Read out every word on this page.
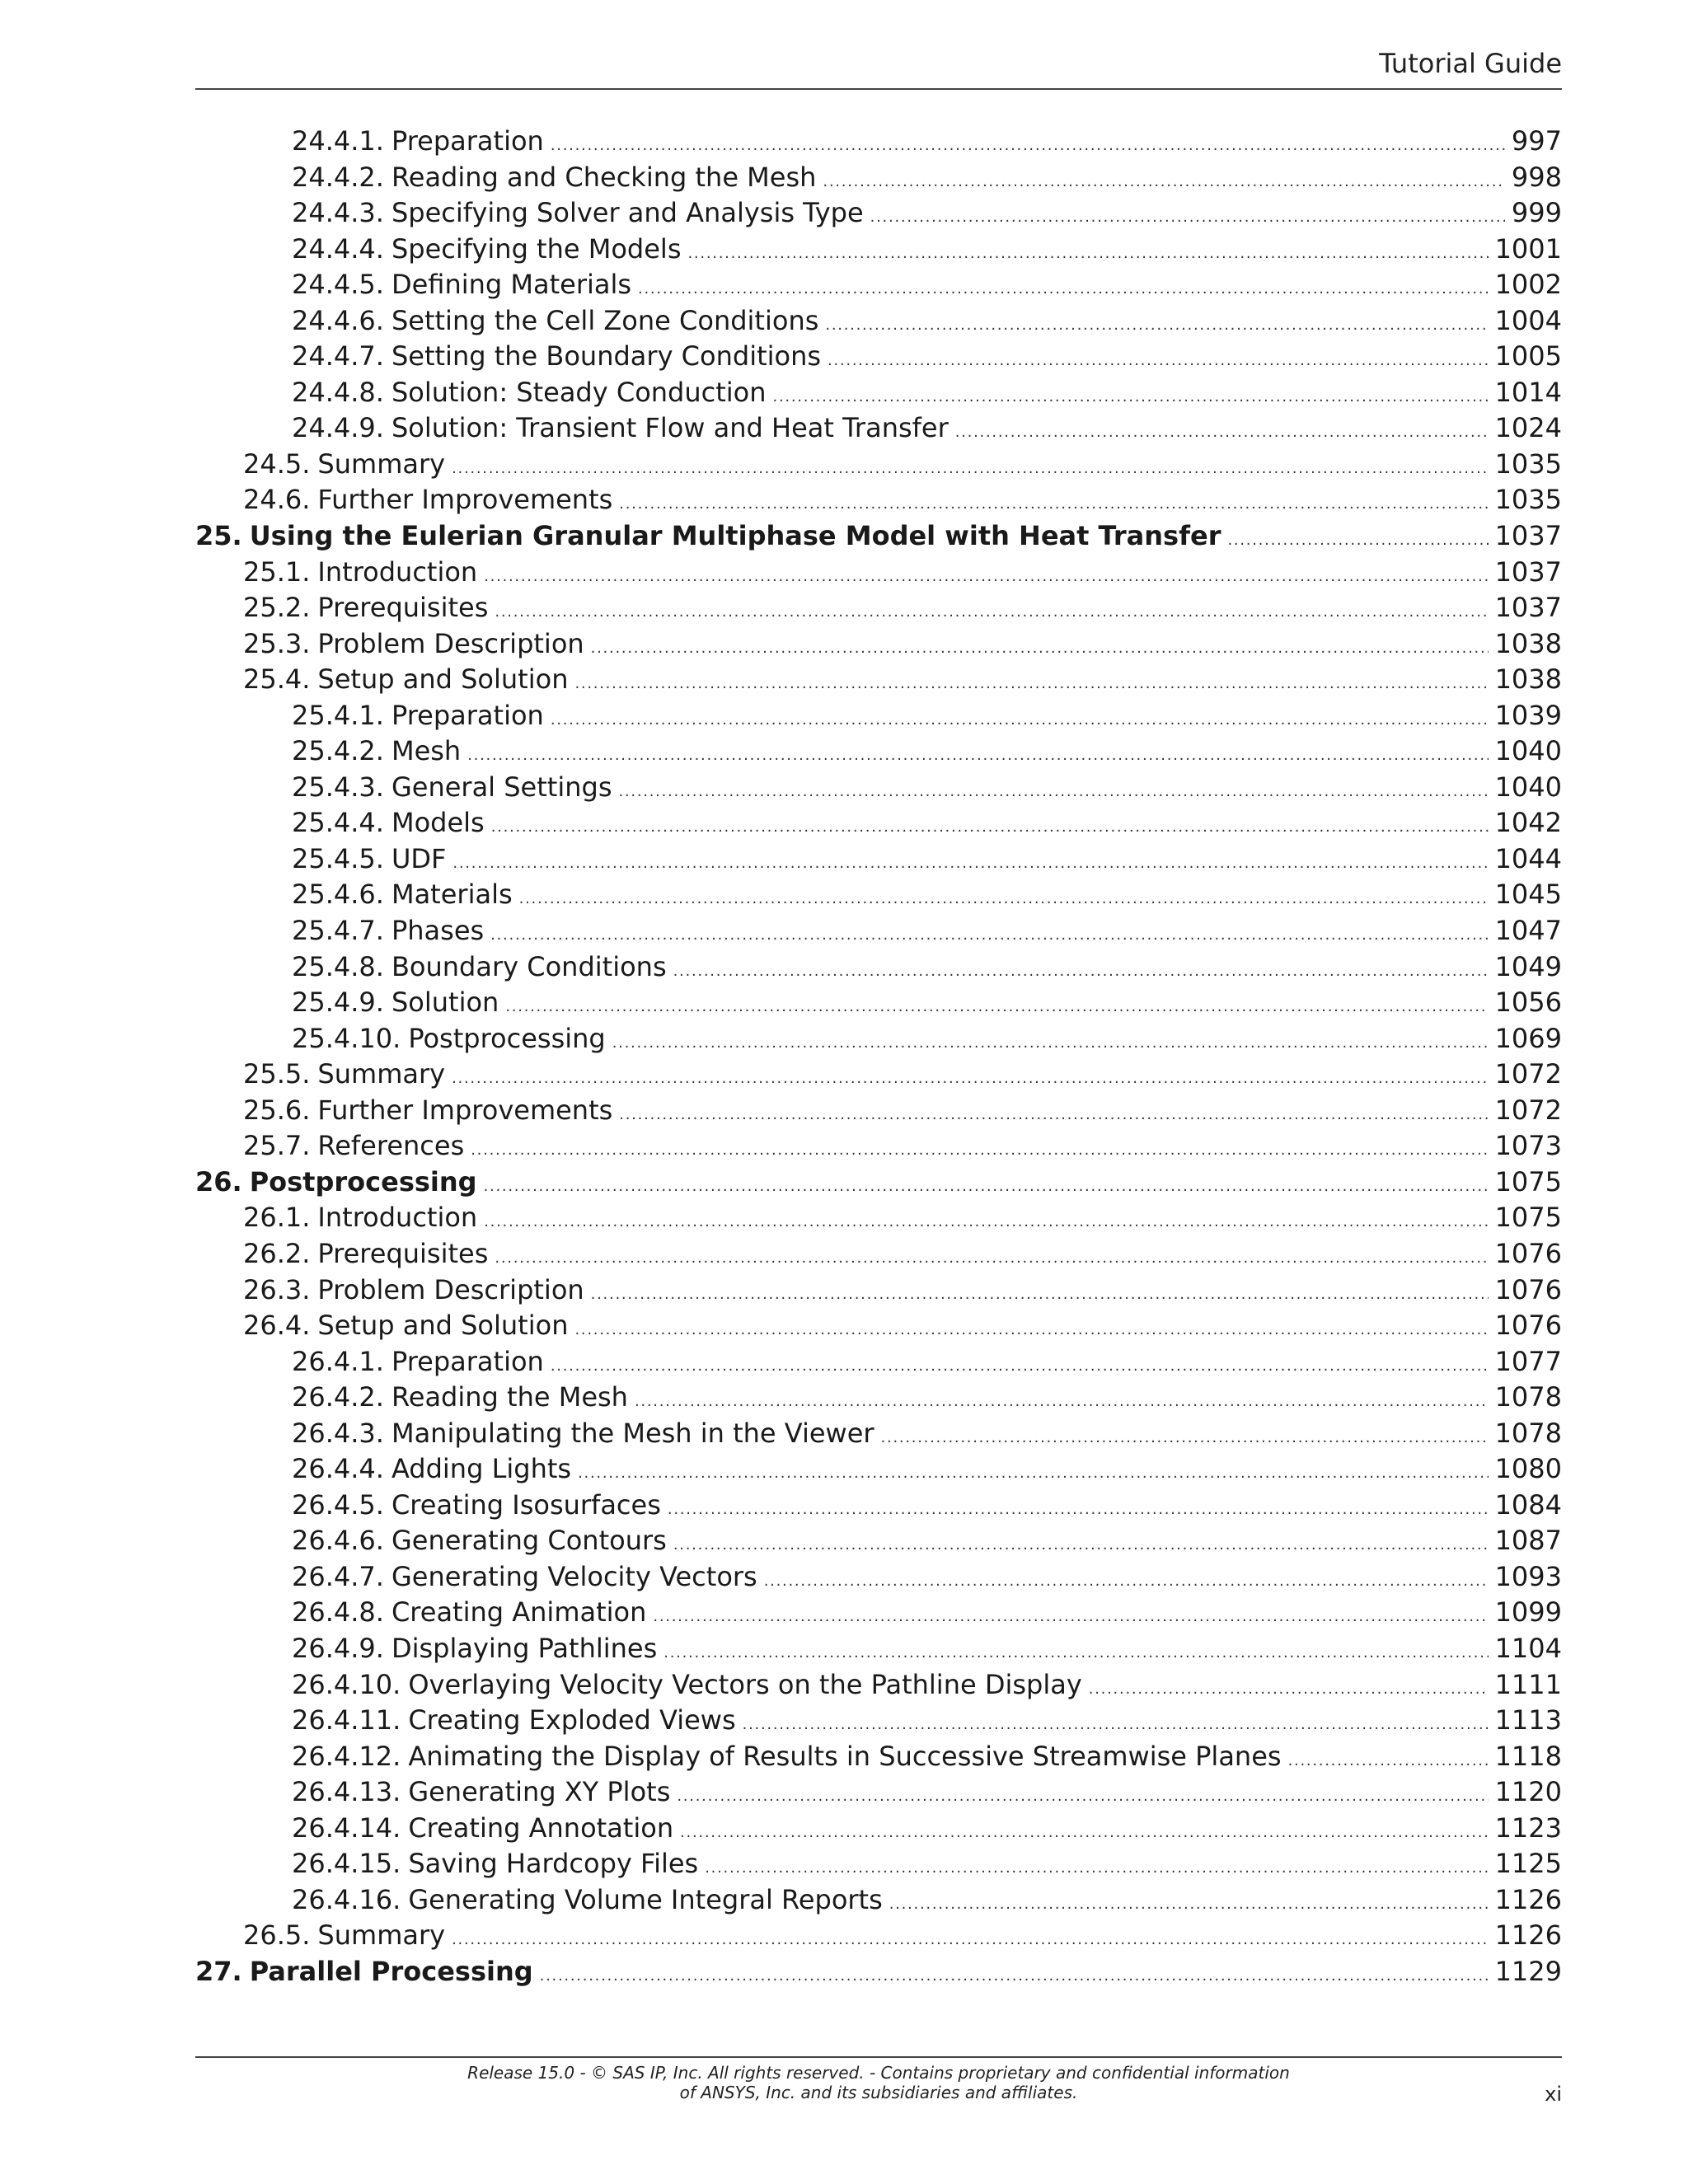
Tutorial Guide
24.4.1. Preparation . . .	997
24.4.2. Reading and Checking the Mesh . . .	998
24.4.3. Specifying Solver and Analysis Type . . .	999
24.4.4. Specifying the Models . . .	1001
24.4.5. Defining Materials . . .	1002
24.4.6. Setting the Cell Zone Conditions . . .	1004
24.4.7. Setting the Boundary Conditions . . .	1005
24.4.8. Solution: Steady Conduction . . .	1014
24.4.9. Solution: Transient Flow and Heat Transfer . . .	1024
24.5. Summary . . .	1035
24.6. Further Improvements . . .	1035
25. Using the Eulerian Granular Multiphase Model with Heat Transfer . . .	1037
25.1. Introduction . . .	1037
25.2. Prerequisites . . .	1037
25.3. Problem Description . . .	1038
25.4. Setup and Solution . . .	1038
25.4.1. Preparation . . .	1039
25.4.2. Mesh . . .	1040
25.4.3. General Settings . . .	1040
25.4.4. Models . . .	1042
25.4.5. UDF . . .	1044
25.4.6. Materials . . .	1045
25.4.7. Phases . . .	1047
25.4.8. Boundary Conditions . . .	1049
25.4.9. Solution . . .	1056
25.4.10. Postprocessing . . .	1069
25.5. Summary . . .	1072
25.6. Further Improvements . . .	1072
25.7. References . . .	1073
26. Postprocessing . . .	1075
26.1. Introduction . . .	1075
26.2. Prerequisites . . .	1076
26.3. Problem Description . . .	1076
26.4. Setup and Solution . . .	1076
26.4.1. Preparation . . .	1077
26.4.2. Reading the Mesh . . .	1078
26.4.3. Manipulating the Mesh in the Viewer . . .	1078
26.4.4. Adding Lights . . .	1080
26.4.5. Creating Isosurfaces . . .	1084
26.4.6. Generating Contours . . .	1087
26.4.7. Generating Velocity Vectors . . .	1093
26.4.8. Creating Animation . . .	1099
26.4.9. Displaying Pathlines . . .	1104
26.4.10. Overlaying Velocity Vectors on the Pathline Display . . .	1111
26.4.11. Creating Exploded Views . . .	1113
26.4.12. Animating the Display of Results in Successive Streamwise Planes . . .	1118
26.4.13. Generating XY Plots . . .	1120
26.4.14. Creating Annotation . . .	1123
26.4.15. Saving Hardcopy Files . . .	1125
26.4.16. Generating Volume Integral Reports . . .	1126
26.5. Summary . . .	1126
27. Parallel Processing . . .	1129
Release 15.0 - © SAS IP, Inc. All rights reserved. - Contains proprietary and confidential information
of ANSYS, Inc. and its subsidiaries and affiliates.	xi
